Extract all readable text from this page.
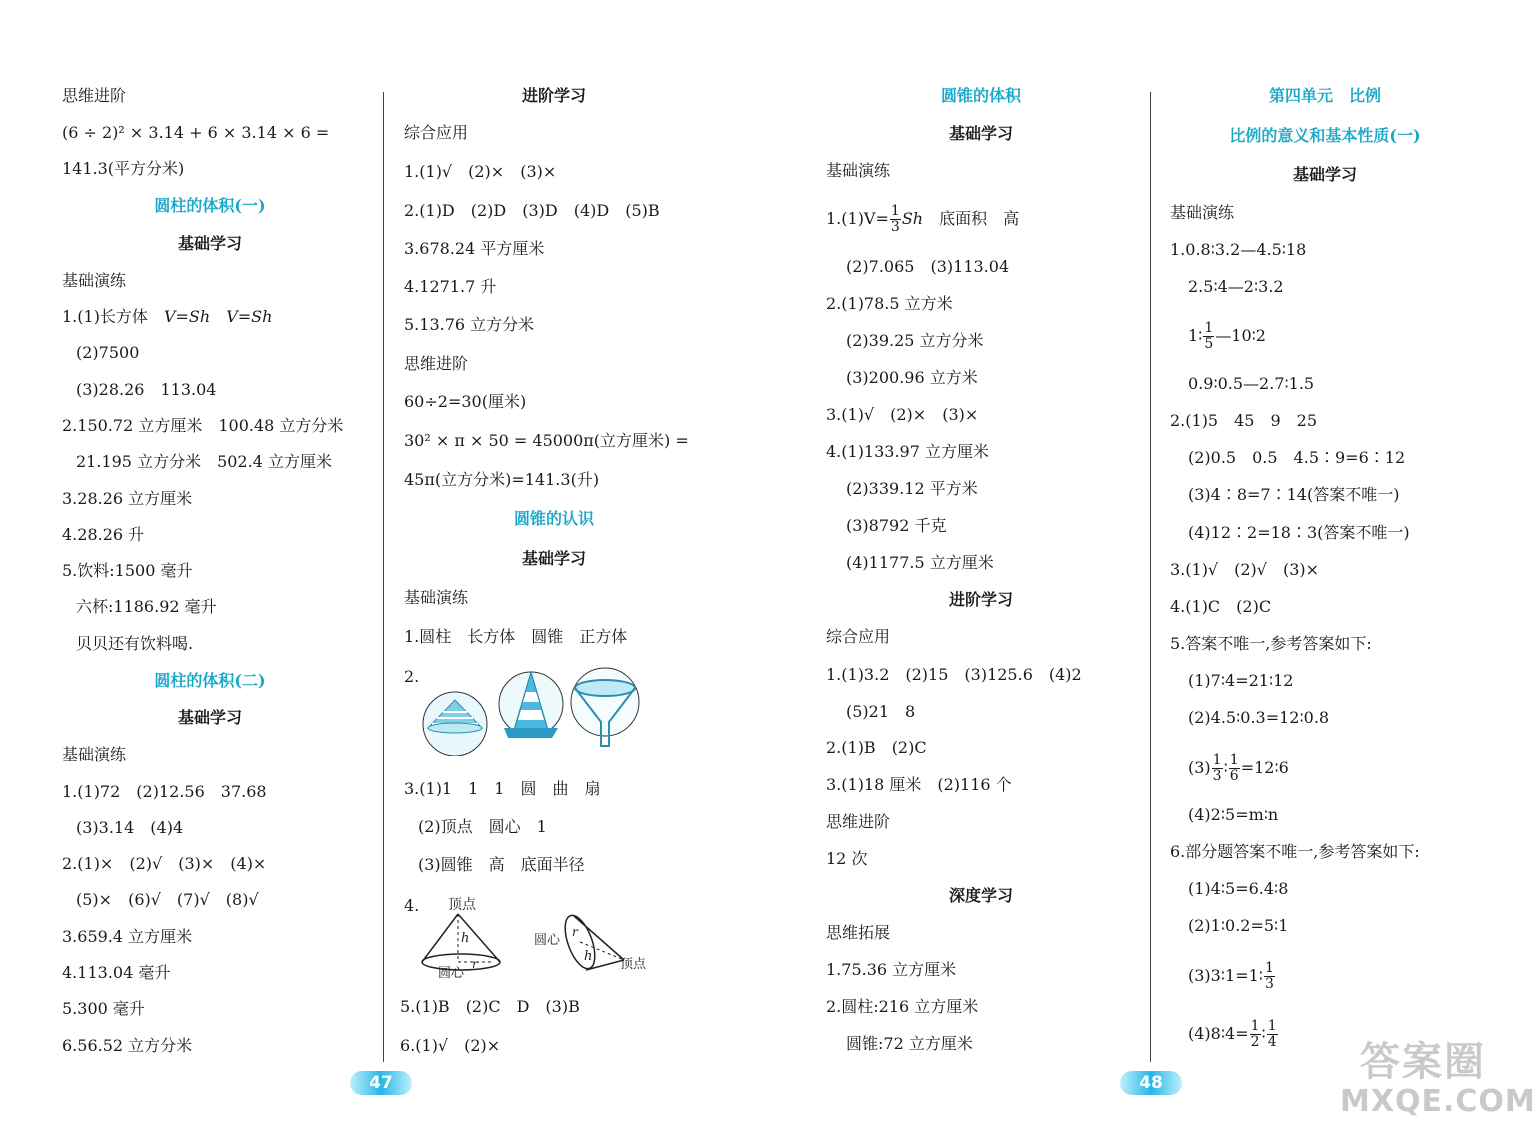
思维进阶
(6 ÷ 2)² × 3.14 + 6 × 3.14 × 6 =
141.3(平方分米)
圆柱的体积(一)
基础学习
基础演练
1.(1)长方体　 V=Sh　 V=Sh
(2)7500
(3)28.26　113.04
2.150.72 立方厘米　100.48 立方分米
21.195 立方分米　502.4 立方厘米
3.28.26 立方厘米
4.28.26 升
5.饮料:1500 毫升
六杯:1186.92 毫升
贝贝还有饮料喝.
圆柱的体积(二)
基础学习
基础演练
1.(1)72　(2)12.56　37.68
(3)3.14　(4)4
2.(1)×　(2)√　(3)×　(4)×
(5)×　(6)√　(7)√　(8)√
3.659.4 立方厘米
4.113.04 毫升
5.300 毫升
6.56.52 立方分米
进阶学习
综合应用
1.(1)√　(2)×　(3)×
2.(1)D　(2)D　(3)D　(4)D　(5)B
3.678.24 平方厘米
4.1271.7 升
5.13.76 立方分米
思维进阶
60÷2=30(厘米)
30² × π × 50 = 45000π(立方厘米) =
45π(立方分米)=141.3(升)
圆锥的认识
基础学习
基础演练
1.圆柱　长方体　圆锥　正方体
2.
3.(1)1　1　1　圆　曲　扇
(2)顶点　圆心　1
(3)圆锥　高　底面半径
4. 顶点
h
r
圆心
圆心
h
r
顶点
5.(1)B　(2)C　D　(3)B
6.(1)√　(2)×
圆锥的体积
基础学习
基础演练
$1.(1)V= \frac{1}{3}$ Sh　 底面积　高
(2)7.065　(3)113.04
2.(1)78.5 立方米
(2)39.25 立方分米
(3)200.96 立方米
3.(1)√　(2)×　(3)×
4.(1)133.97 立方厘米
(2)339.12 平方米
(3)8792 千克
(4)1177.5 立方厘米
进阶学习
综合应用
1.(1)3.2　(2)15　(3)125.6　(4)2
(5)21　8
2.(1)B　(2)C
3.(1)18 厘米　(2)116 个
思维进阶
12 次
深度学习
思维拓展
1.75.36 立方厘米
2.圆柱:216 立方厘米
圆锥:72 立方厘米
第四单元　比例
比例的意义和基本性质(一)
基础学习
基础演练
1.0.8∶3.2—4.5∶18
2.5∶4—2∶3.2
1∶ $\frac{1}{5}$ —10∶2
0.9∶0.5—2.7∶1.5
2.(1)5　45　9　25
(2)0.5　0.5　4.5∶9=6∶12
(3)4∶8=7∶14(答案不唯一)
(4)12∶2=18∶3(答案不唯一)
3.(1)√　(2)√　(3)×
4.(1)C　(2)C
5.答案不唯一,参考答案如下:
(1)7∶4=21∶12
(2)4.5∶0.3=12∶0.8
$(3) \frac{1}{3}$ ∶ $\frac{1}{6}$ =12∶6
(4)2∶5=m∶n
6.部分题答案不唯一,参考答案如下:
(1)4∶5=6.4∶8
(2)1∶0.2=5∶1
(3)3∶1=1∶ $\frac{1}{3}$
(4)8∶4= $\frac{1}{2}$ ∶ $\frac{1}{4}$
47	48	答案圈
MXQE.COM
